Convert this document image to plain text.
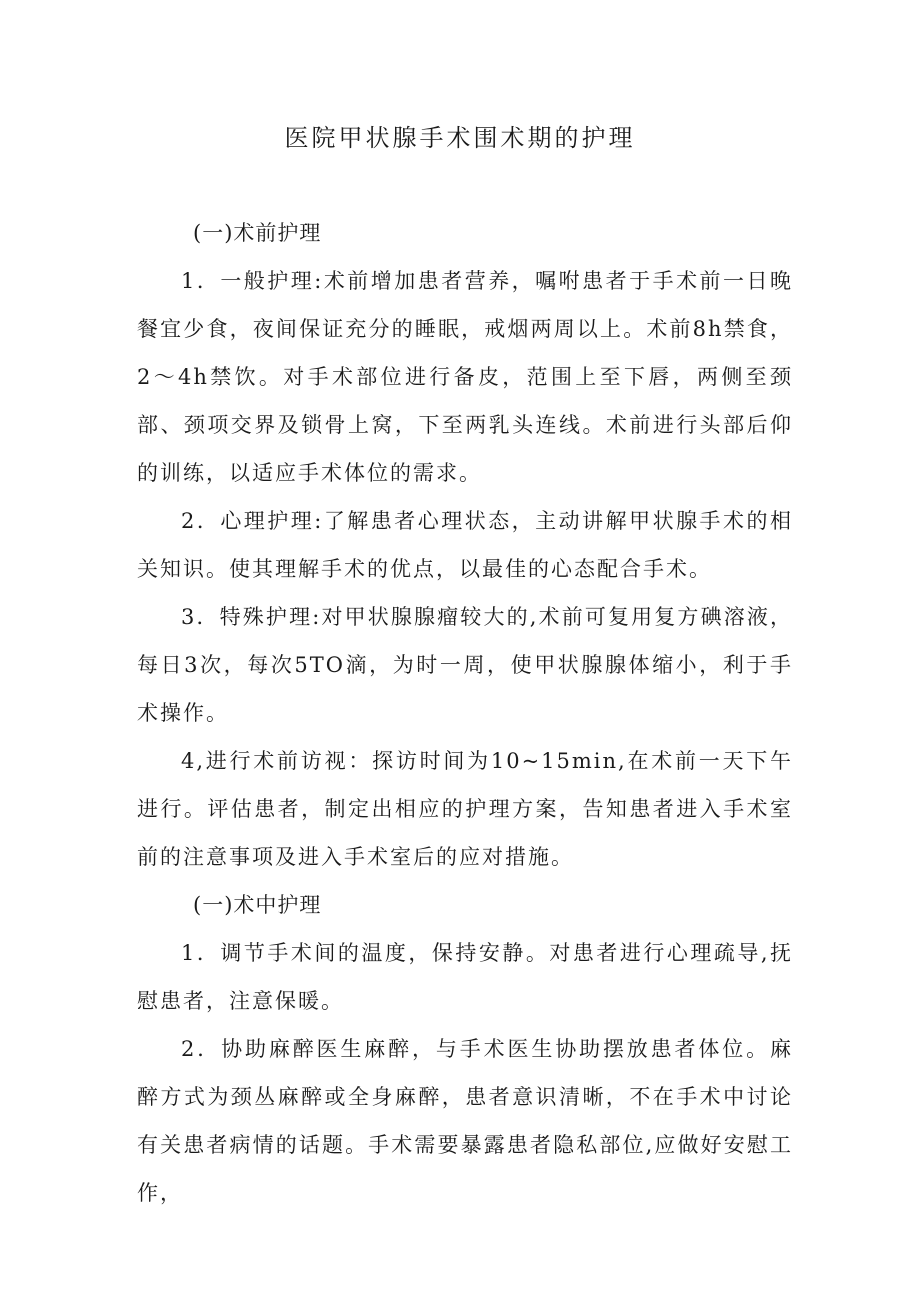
医院甲状腺手术围术期的护理

(一)术前护理

1．一般护理:术前增加患者营养，嘱咐患者于手术前一日晚餐宜少食，夜间保证充分的睡眠，戒烟两周以上。术前8h禁食，2～4h禁饮。对手术部位进行备皮，范围上至下唇，两侧至颈部、颈项交界及锁骨上窝，下至两乳头连线。术前进行头部后仰的训练，以适应手术体位的需求。

2．心理护理:了解患者心理状态，主动讲解甲状腺手术的相关知识。使其理解手术的优点，以最佳的心态配合手术。

3．特殊护理:对甲状腺腺瘤较大的,术前可复用复方碘溶液，每日3次，每次5TO滴，为时一周，使甲状腺腺体缩小，利于手术操作。

4,进行术前访视：探访时间为10~15min,在术前一天下午进行。评估患者，制定出相应的护理方案，告知患者进入手术室前的注意事项及进入手术室后的应对措施。

(一)术中护理

1．调节手术间的温度，保持安静。对患者进行心理疏导,抚慰患者，注意保暖。

2．协助麻醉医生麻醉，与手术医生协助摆放患者体位。麻醉方式为颈丛麻醉或全身麻醉，患者意识清晰，不在手术中讨论有关患者病情的话题。手术需要暴露患者隐私部位,应做好安慰工作，
